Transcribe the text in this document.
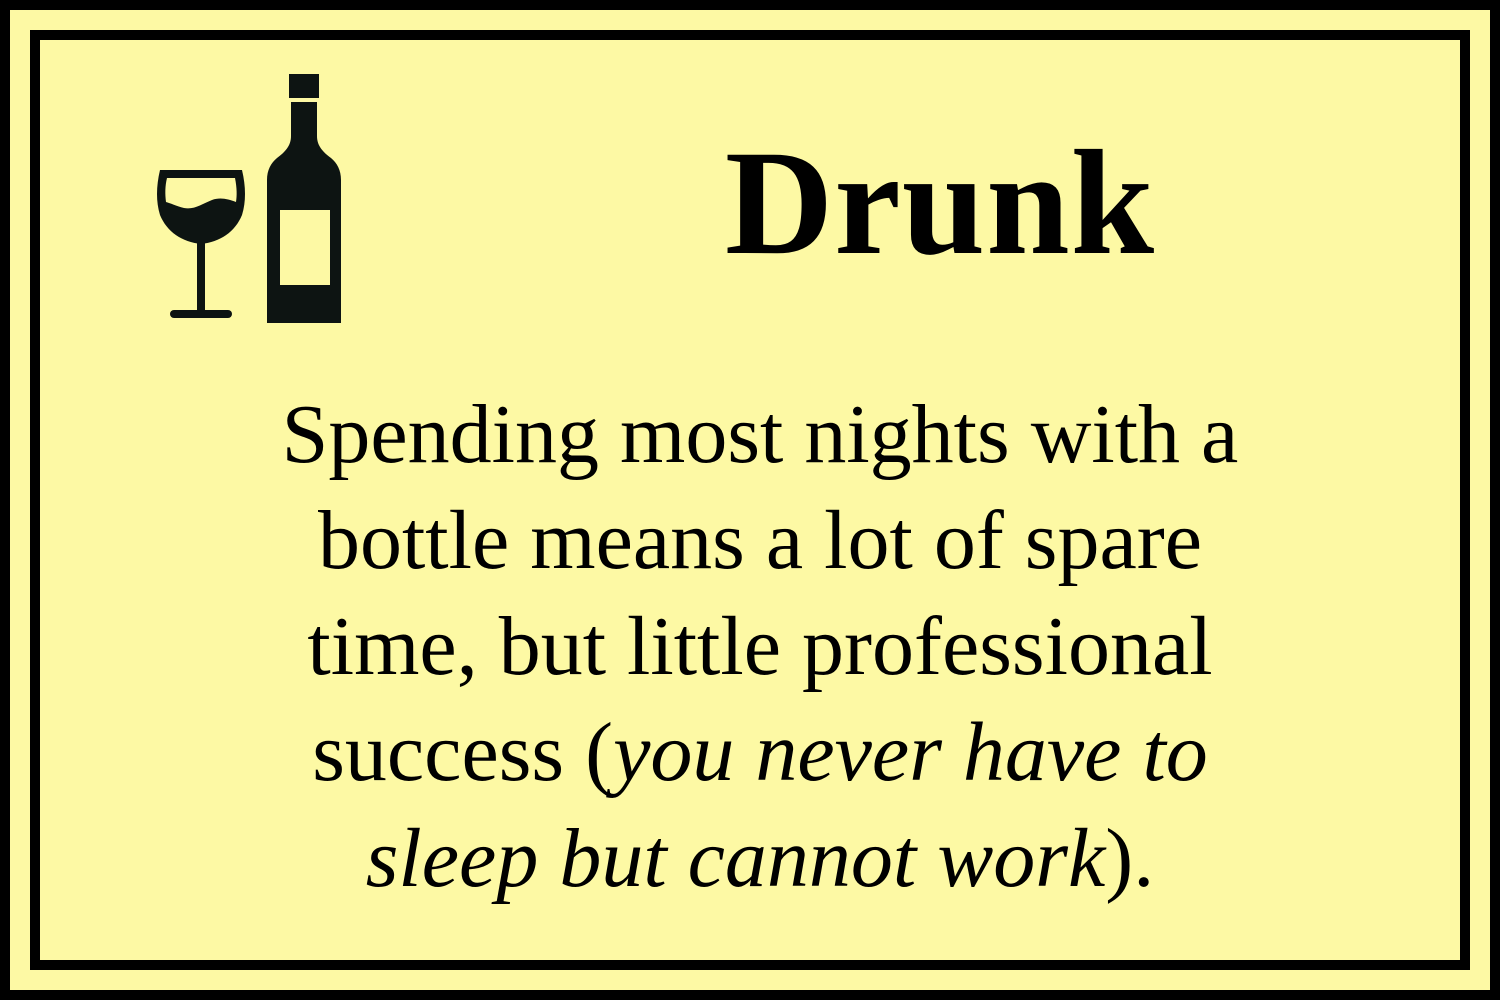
Drunk

Spending most nights with a
bottle means a lot of spare
time, but little professional
success (you never have to
sleep but cannot work).
